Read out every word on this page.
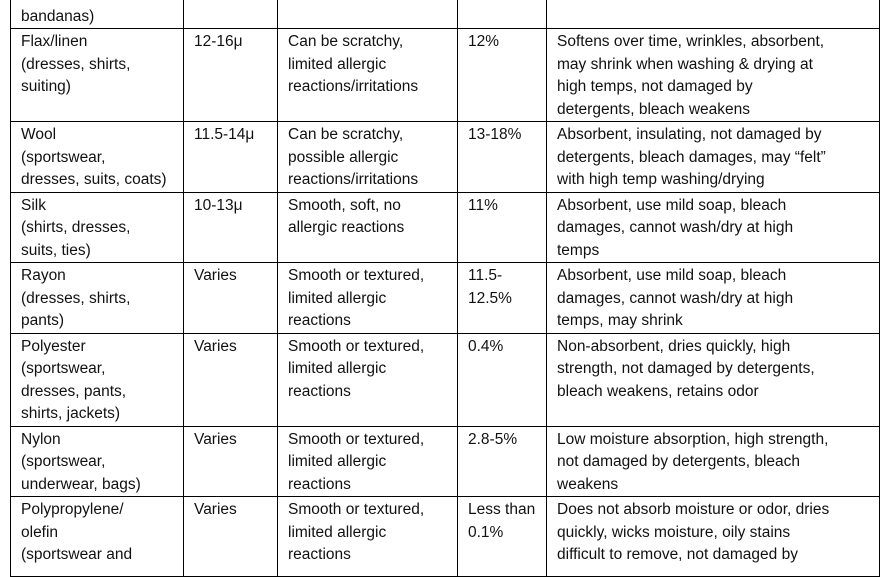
bandanas)				

Flax/linen
(dresses, shirts,
suiting)	12-16μ	Can be scratchy,
limited allergic
reactions/irritations	12%	Softens over time, wrinkles, absorbent,
may shrink when washing & drying at
high temps, not damaged by
detergents, bleach weakens

Wool
(sportswear,
dresses, suits, coats)	11.5-14μ	Can be scratchy,
possible allergic
reactions/irritations	13-18%	Absorbent, insulating, not damaged by
detergents, bleach damages, may “felt”
with high temp washing/drying

Silk
(shirts, dresses,
suits, ties)	10-13μ	Smooth, soft, no
allergic reactions	11%	Absorbent, use mild soap, bleach
damages, cannot wash/dry at high
temps

Rayon
(dresses, shirts,
pants)	Varies	Smooth or textured,
limited allergic
reactions	11.5-
12.5%	Absorbent, use mild soap, bleach
damages, cannot wash/dry at high
temps, may shrink

Polyester
(sportswear,
dresses, pants,
shirts, jackets)	Varies	Smooth or textured,
limited allergic
reactions	0.4%	Non-absorbent, dries quickly, high
strength, not damaged by detergents,
bleach weakens, retains odor

Nylon
(sportswear,
underwear, bags)	Varies	Smooth or textured,
limited allergic
reactions	2.8-5%	Low moisture absorption, high strength,
not damaged by detergents, bleach
weakens

Polypropylene/
olefin
(sportswear and	Varies	Smooth or textured,
limited allergic
reactions	Less than
0.1%	Does not absorb moisture or odor, dries
quickly, wicks moisture, oily stains
difficult to remove, not damaged by
